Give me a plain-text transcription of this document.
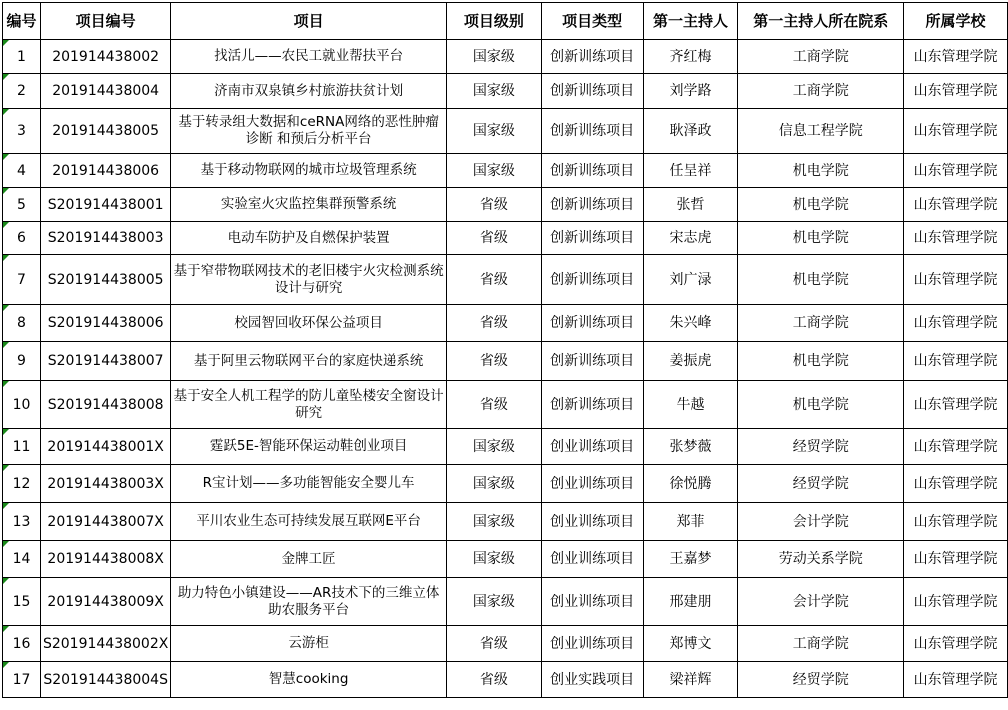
编号	项目编号	项目	项目级别	项目类型	第一主持人	第一主持人所在院系	所属学校
1	201914438002	找活儿——农民工就业帮扶平台	国家级	创新训练项目	齐红梅	工商学院	山东管理学院
2	201914438004	济南市双泉镇乡村旅游扶贫计划	国家级	创新训练项目	刘学路	工商学院	山东管理学院
3	201914438005	基于转录组大数据和ceRNA网络的恶性肿瘤诊断 和预后分析平台	国家级	创新训练项目	耿泽政	信息工程学院	山东管理学院
4	201914438006	基于移动物联网的城市垃圾管理系统	国家级	创新训练项目	任呈祥	机电学院	山东管理学院
5	S201914438001	实验室火灾监控集群预警系统	省级	创新训练项目	张哲	机电学院	山东管理学院
6	S201914438003	电动车防护及自燃保护装置	省级	创新训练项目	宋志虎	机电学院	山东管理学院
7	S201914438005	基于窄带物联网技术的老旧楼宇火灾检测系统设计与研究	省级	创新训练项目	刘广渌	机电学院	山东管理学院
8	S201914438006	校园智回收环保公益项目	省级	创新训练项目	朱兴峰	工商学院	山东管理学院
9	S201914438007	基于阿里云物联网平台的家庭快递系统	省级	创新训练项目	姜振虎	机电学院	山东管理学院
10	S201914438008	基于安全人机工程学的防儿童坠楼安全窗设计研究	省级	创新训练项目	牛越	机电学院	山东管理学院
11	201914438001X	霆跃5E-智能环保运动鞋创业项目	国家级	创业训练项目	张梦薇	经贸学院	山东管理学院
12	201914438003X	R宝计划——多功能智能安全婴儿车	国家级	创业训练项目	徐悦腾	经贸学院	山东管理学院
13	201914438007X	平川农业生态可持续发展互联网E平台	国家级	创业训练项目	郑菲	会计学院	山东管理学院
14	201914438008X	金牌工匠	国家级	创业训练项目	王嘉梦	劳动关系学院	山东管理学院
15	201914438009X	助力特色小镇建设——AR技术下的三维立体助农服务平台	国家级	创业训练项目	邢建朋	会计学院	山东管理学院
16	S201914438002X	云游柜	省级	创业训练项目	郑博文	工商学院	山东管理学院
17	S201914438004S	智慧cooking	省级	创业实践项目	梁祥辉	经贸学院	山东管理学院
